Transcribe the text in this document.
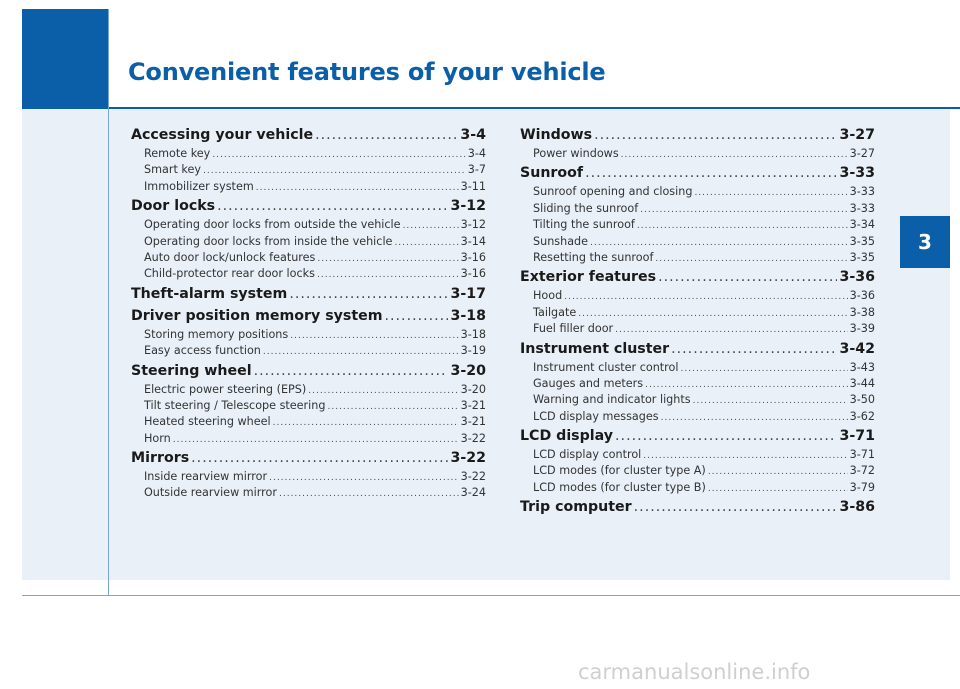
Convenient features of your vehicle
3
Accessing your vehicle .....	3-4
Remote key .....	3-4
Smart key .....	3-7
Immobilizer system .....	3-11
Door locks .....	3-12
Operating door locks from outside the vehicle .....	3-12
Operating door locks from inside the vehicle .....	3-14
Auto door lock/unlock features .....	3-16
Child-protector rear door locks .....	3-16
Theft-alarm system .....	3-17
Driver position memory system .....	3-18
Storing memory positions .....	3-18
Easy access function .....	3-19
Steering wheel .....	3-20
Electric power steering (EPS) .....	3-20
Tilt steering / Telescope steering .....	3-21
Heated steering wheel .....	3-21
Horn .....	3-22
Mirrors .....	3-22
Inside rearview mirror .....	3-22
Outside rearview mirror .....	3-24
Windows .....	3-27
Power windows .....	3-27
Sunroof .....	3-33
Sunroof opening and closing .....	3-33
Sliding the sunroof .....	3-33
Tilting the sunroof .....	3-34
Sunshade .....	3-35
Resetting the sunroof .....	3-35
Exterior features .....	3-36
Hood .....	3-36
Tailgate .....	3-38
Fuel filler door .....	3-39
Instrument cluster .....	3-42
Instrument cluster control .....	3-43
Gauges and meters .....	3-44
Warning and indicator lights .....	3-50
LCD display messages .....	3-62
LCD display .....	3-71
LCD display control .....	3-71
LCD modes (for cluster type A) .....	3-72
LCD modes (for cluster type B) .....	3-79
Trip computer .....	3-86
carmanualsonline.info
